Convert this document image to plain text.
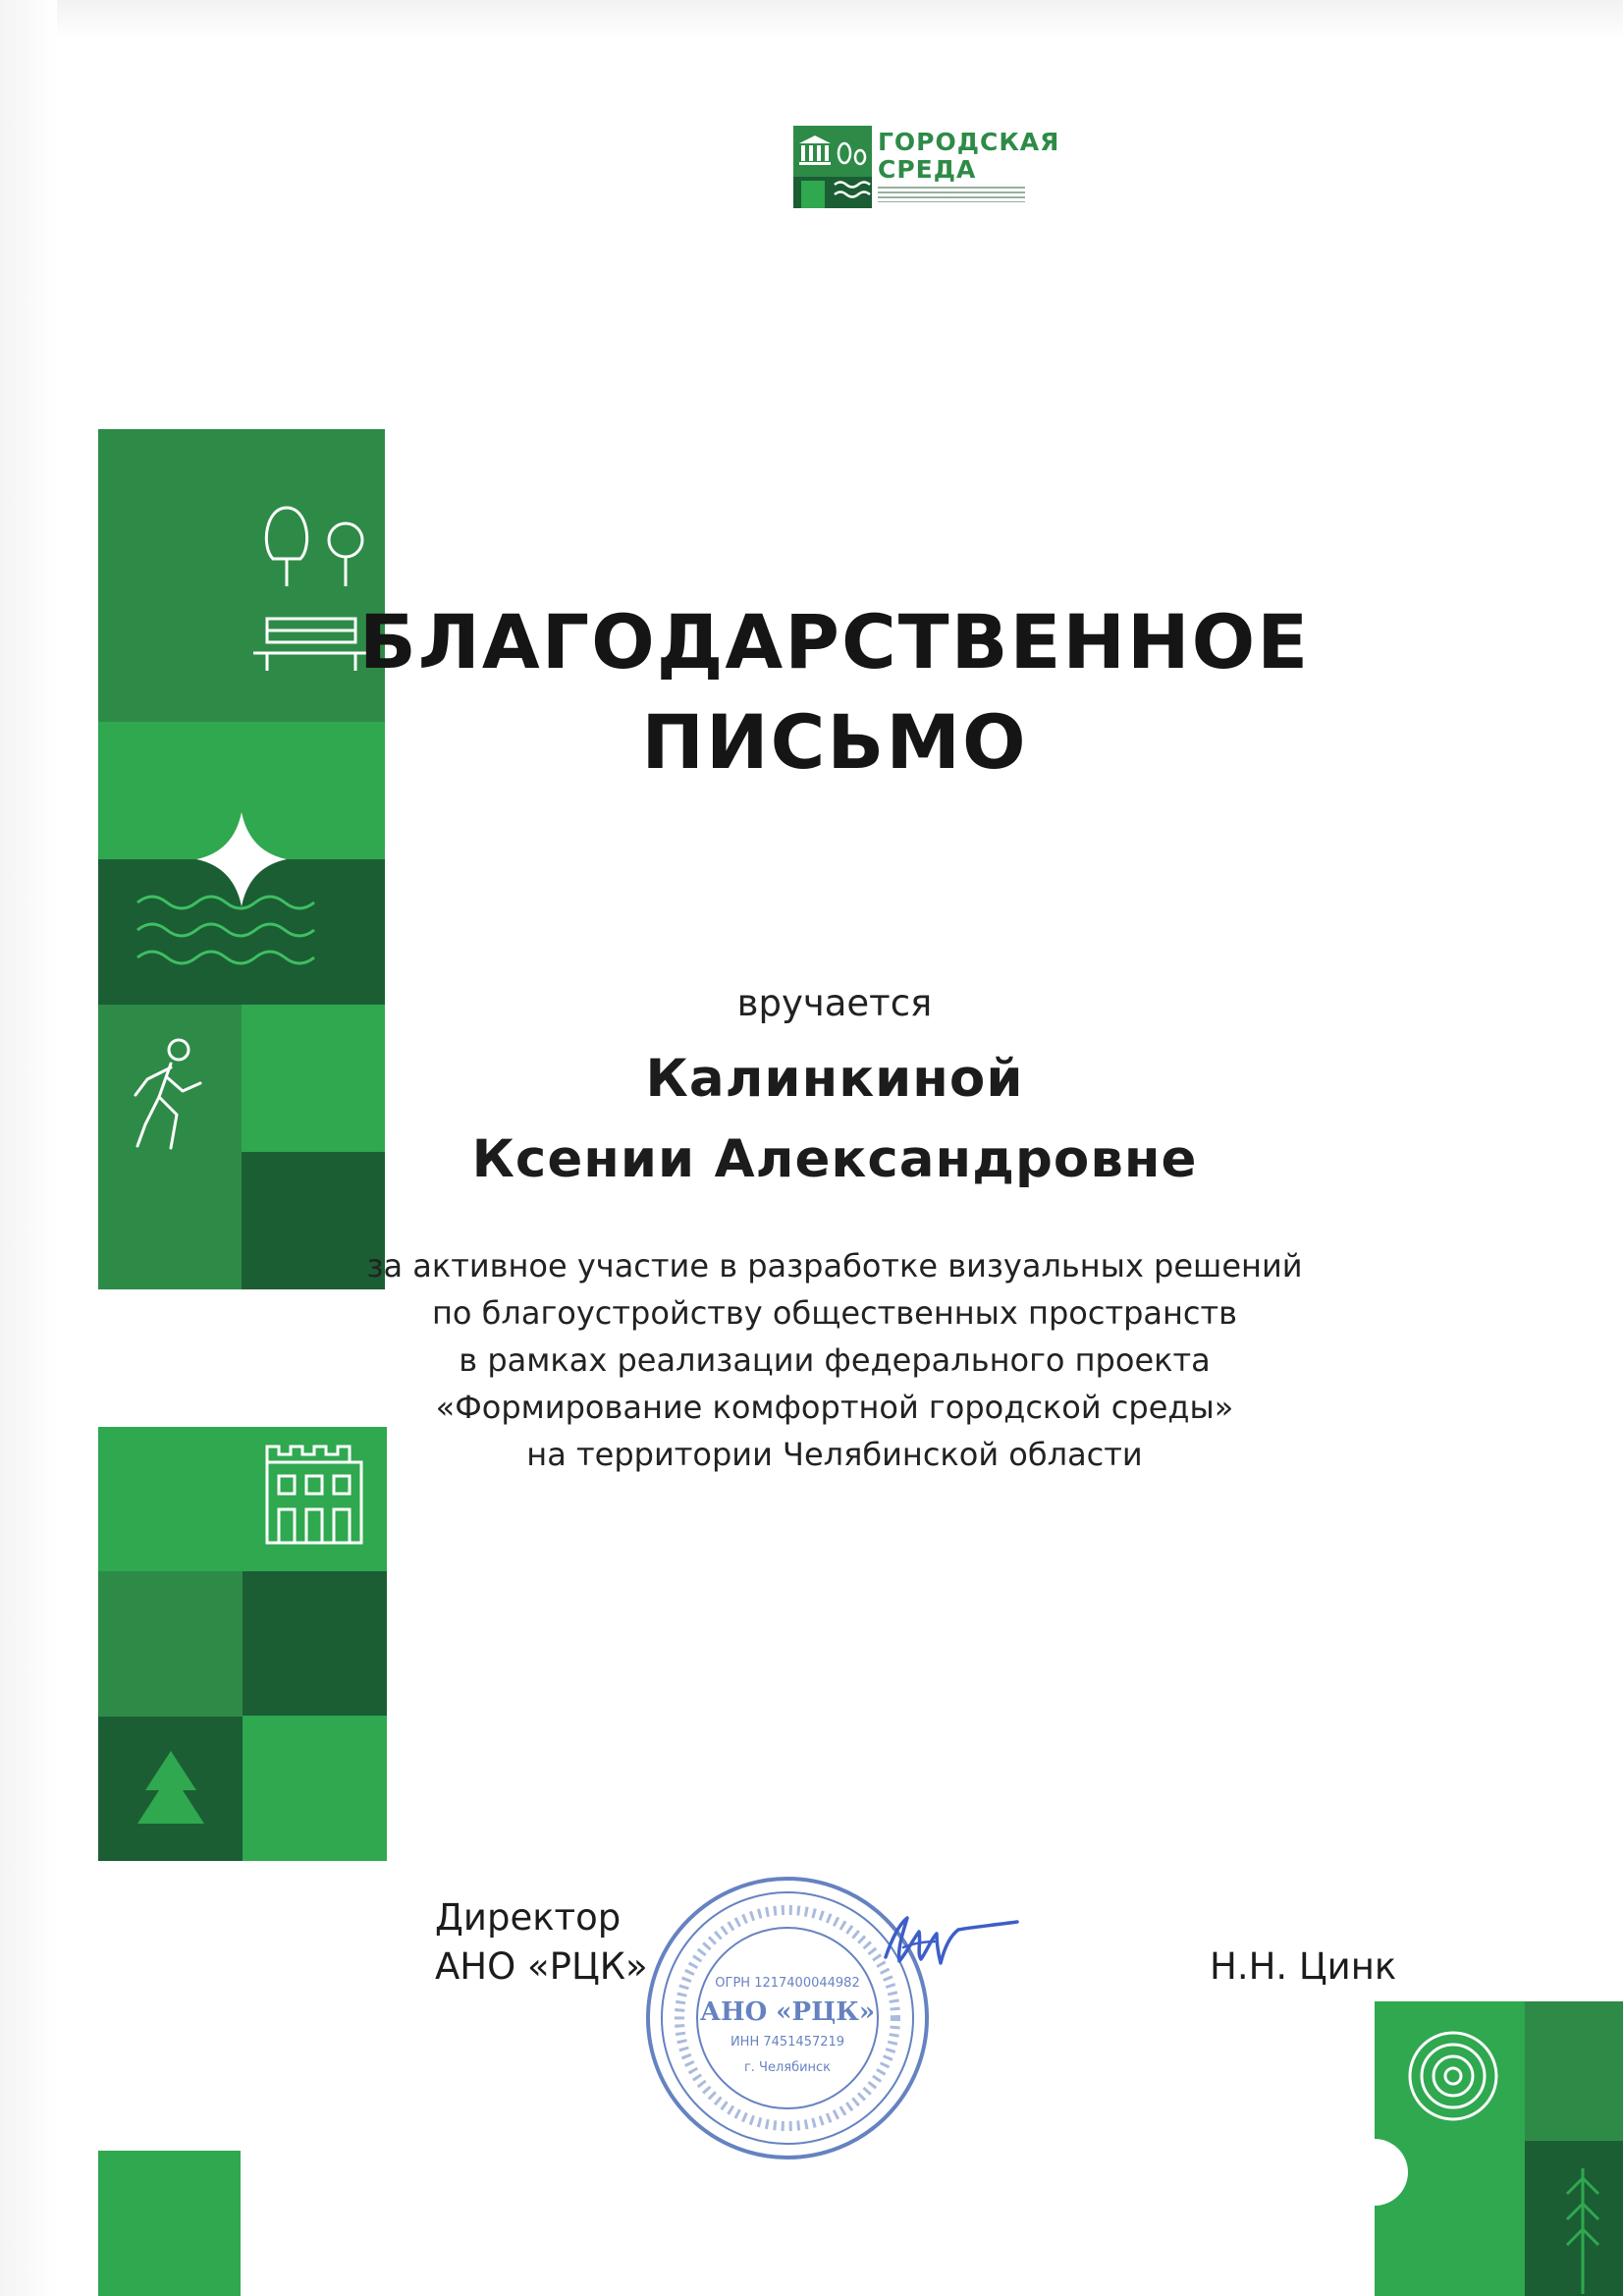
ГОРОДСКАЯ
СРЕДА
БЛАГОДАРСТВЕННОЕ
ПИСЬМО
вручается
Калинкиной
Ксении Александровне
за активное участие в разработке визуальных решений
по благоустройству общественных пространств
в рамках реализации федерального проекта
«Формирование комфортной городской среды»
на территории Челябинской области
Директор
АНО «РЦК»	Н.Н. Цинк
ОГРН 1217400044982
АНО «РЦК»
ИНН 7451457219
г. Челябинск
